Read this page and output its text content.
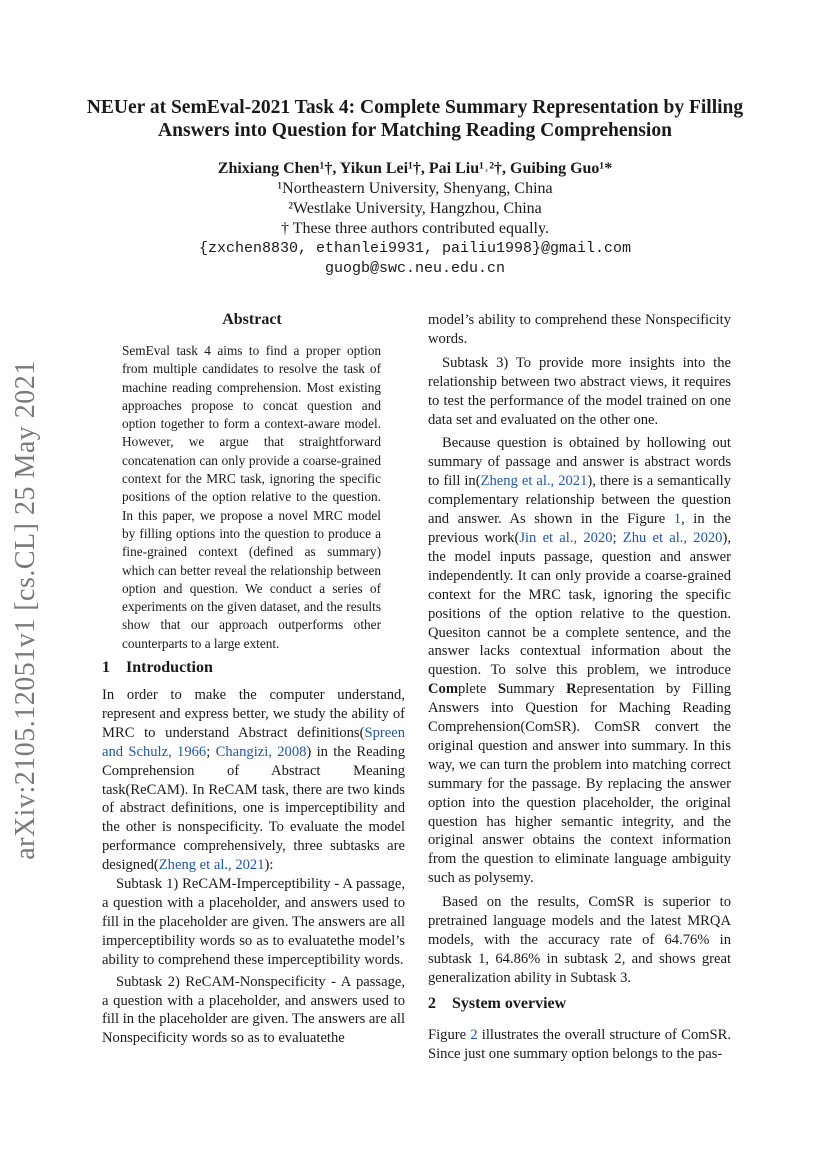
arXiv:2105.12051v1 [cs.CL] 25 May 2021
NEUer at SemEval-2021 Task 4: Complete Summary Representation by Filling Answers into Question for Matching Reading Comprehension
Zhixiang Chen¹†, Yikun Lei¹†, Pai Liu¹˒²†, Guibing Guo¹*
¹Northeastern University, Shenyang, China
²Westlake University, Hangzhou, China
† These three authors contributed equally.
{zxchen8830, ethanlei9931, pailiu1998}@gmail.com
guogb@swc.neu.edu.cn
Abstract
SemEval task 4 aims to find a proper option from multiple candidates to resolve the task of machine reading comprehension. Most existing approaches propose to concat question and option together to form a context-aware model. However, we argue that straightforward concatenation can only provide a coarse-grained context for the MRC task, ignoring the specific positions of the option relative to the question. In this paper, we propose a novel MRC model by filling options into the question to produce a fine-grained context (defined as summary) which can better reveal the relationship between option and question. We conduct a series of experiments on the given dataset, and the results show that our approach outperforms other counterparts to a large extent.
1 Introduction

In order to make the computer understand, represent and express better, we study the ability of MRC to understand Abstract definitions(Spreen and Schulz, 1966; Changizi, 2008) in the Reading Comprehension of Abstract Meaning task(ReCAM). In ReCAM task, there are two kinds of abstract definitions, one is imperceptibility and the other is nonspecificity. To evaluate the model performance comprehensively, three subtasks are designed(Zheng et al., 2021):

Subtask 1) ReCAM-Imperceptibility - A passage, a question with a placeholder, and answers used to fill in the placeholder are given. The answers are all imperceptibility words so as to evaluatethe model’s ability to comprehend these imperceptibility words.

Subtask 2) ReCAM-Nonspecificity - A passage, a question with a placeholder, and answers used to fill in the placeholder are given. The answers are all Nonspecificity words so as to evaluatethe

model’s ability to comprehend these Nonspecificity words.

Subtask 3) To provide more insights into the relationship between two abstract views, it requires to test the performance of the model trained on one data set and evaluated on the other one.

Because question is obtained by hollowing out summary of passage and answer is abstract words to fill in(Zheng et al., 2021), there is a semantically complementary relationship between the question and answer. As shown in the Figure 1, in the previous work(Jin et al., 2020; Zhu et al., 2020), the model inputs passage, question and answer independently. It can only provide a coarse-grained context for the MRC task, ignoring the specific positions of the option relative to the question. Quesiton cannot be a complete sentence, and the answer lacks contextual information about the question. To solve this problem, we introduce Complete Summary Representation by Filling Answers into Question for Maching Reading Comprehension(ComSR). ComSR convert the original question and answer into summary. In this way, we can turn the problem into matching correct summary for the passage. By replacing the answer option into the question placeholder, the original question has higher semantic integrity, and the original answer obtains the context information from the question to eliminate language ambiguity such as polysemy.

Based on the results, ComSR is superior to pretrained language models and the latest MRQA models, with the accuracy rate of 64.76% in subtask 1, 64.86% in subtask 2, and shows great generalization ability in Subtask 3.

2 System overview

Figure 2 illustrates the overall structure of ComSR. Since just one summary option belongs to the pas-
